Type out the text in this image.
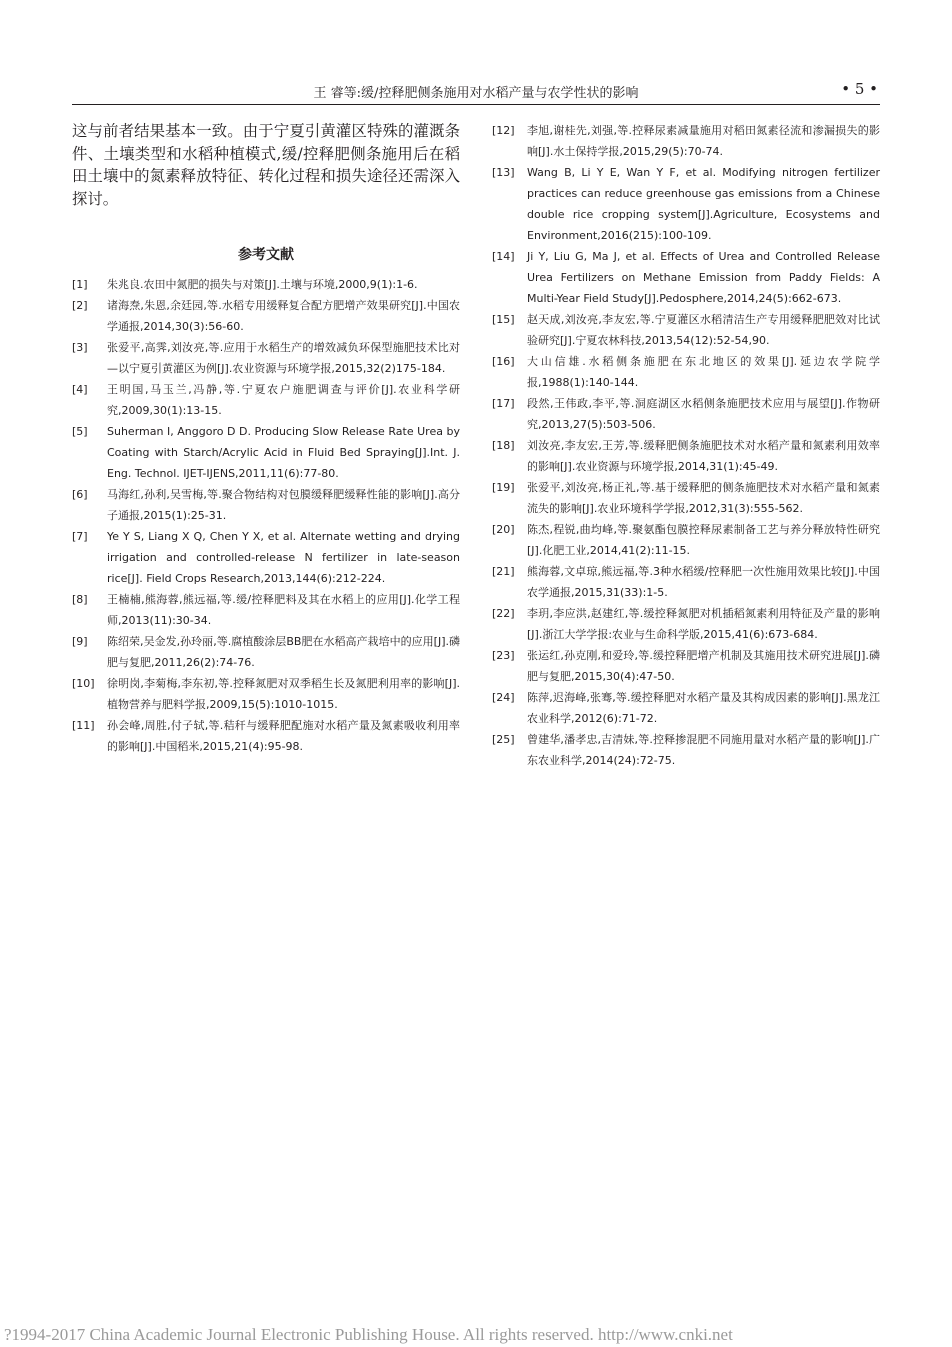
王 睿等:缓/控释肥侧条施用对水稻产量与农学性状的影响	• 5 •

这与前者结果基本一致。由于宁夏引黄灌区特殊的灌溉条件、土壤类型和水稻种植模式,缓/控释肥侧条施用后在稻田土壤中的氮素释放特征、转化过程和损失途径还需深入探讨。

参考文献
[1]	朱兆良.农田中氮肥的损失与对策[J].土壤与环境,2000,9(1):1-6.
[2]	诸海焘,朱恩,余廷园,等.水稻专用缓释复合配方肥增产效果研究[J].中国农学通报,2014,30(3):56-60.
[3]	张爱平,高霁,刘汝亮,等.应用于水稻生产的增效减负环保型施肥技术比对—以宁夏引黄灌区为例[J].农业资源与环境学报,2015,32(2)175-184.
[4]	王明国,马玉兰,冯静,等.宁夏农户施肥调查与评价[J].农业科学研究,2009,30(1):13-15.
[5]	Suherman I, Anggoro D D. Producing Slow Release Rate Urea by Coating with Starch/Acrylic Acid in Fluid Bed Spraying[J].Int. J. Eng. Technol. IJET-IJENS,2011,11(6):77-80.
[6]	马海红,孙利,吴雪梅,等.聚合物结构对包膜缓释肥缓释性能的影响[J].高分子通报,2015(1):25-31.
[7]	Ye Y S, Liang X Q, Chen Y X, et al. Alternate wetting and drying irrigation and controlled-release N fertilizer in late-season rice[J]. Field Crops Research,2013,144(6):212-224.
[8]	王楠楠,熊海蓉,熊远福,等.缓/控释肥料及其在水稻上的应用[J].化学工程师,2013(11):30-34.
[9]	陈绍荣,吴金发,孙玲丽,等.腐植酸涂层BB肥在水稻高产栽培中的应用[J].磷肥与复肥,2011,26(2):74-76.
[10]	徐明岗,李菊梅,李东初,等.控释氮肥对双季稻生长及氮肥利用率的影响[J].植物营养与肥料学报,2009,15(5):1010-1015.
[11]	孙会峰,周胜,付子轼,等.秸秆与缓释肥配施对水稻产量及氮素吸收利用率的影响[J].中国稻米,2015,21(4):95-98.
[12]	李旭,谢桂先,刘强,等.控释尿素减量施用对稻田氮素径流和渗漏损失的影响[J].水土保持学报,2015,29(5):70-74.
[13]	Wang B, Li Y E, Wan Y F, et al. Modifying nitrogen fertilizer practices can reduce greenhouse gas emissions from a Chinese double rice cropping system[J].Agriculture, Ecosystems and Environment,2016(215):100-109.
[14]	Ji Y, Liu G, Ma J, et al. Effects of Urea and Controlled Release Urea Fertilizers on Methane Emission from Paddy Fields: A Multi-Year Field Study[J].Pedosphere,2014,24(5):662-673.
[15]	赵天成,刘汝亮,李友宏,等.宁夏灌区水稻清洁生产专用缓释肥肥效对比试验研究[J].宁夏农林科技,2013,54(12):52-54,90.
[16]	大山信雄.水稻侧条施肥在东北地区的效果[J].延边农学院学报,1988(1):140-144.
[17]	段然,王伟政,李平,等.洞庭湖区水稻侧条施肥技术应用与展望[J].作物研究,2013,27(5):503-506.
[18]	刘汝亮,李友宏,王芳,等.缓释肥侧条施肥技术对水稻产量和氮素利用效率的影响[J].农业资源与环境学报,2014,31(1):45-49.
[19]	张爱平,刘汝亮,杨正礼,等.基于缓释肥的侧条施肥技术对水稻产量和氮素流失的影响[J].农业环境科学学报,2012,31(3):555-562.
[20]	陈杰,程锐,曲均峰,等.聚氨酯包膜控释尿素制备工艺与养分释放特性研究[J].化肥工业,2014,41(2):11-15.
[21]	熊海蓉,文卓琼,熊远福,等.3种水稻缓/控释肥一次性施用效果比较[J].中国农学通报,2015,31(33):1-5.
[22]	李玥,李应洪,赵建红,等.缓控释氮肥对机插稻氮素利用特征及产量的影响[J].浙江大学学报:农业与生命科学版,2015,41(6):673-684.
[23]	张运红,孙克刚,和爱玲,等.缓控释肥增产机制及其施用技术研究进展[J].磷肥与复肥,2015,30(4):47-50.
[24]	陈萍,迟海峰,张骞,等.缓控释肥对水稻产量及其构成因素的影响[J].黑龙江农业科学,2012(6):71-72.
[25]	曾建华,潘孝忠,吉清妹,等.控释掺混肥不同施用量对水稻产量的影响[J].广东农业科学,2014(24):72-75.
?1994-2017 China Academic Journal Electronic Publishing House. All rights reserved. http://www.cnki.net
